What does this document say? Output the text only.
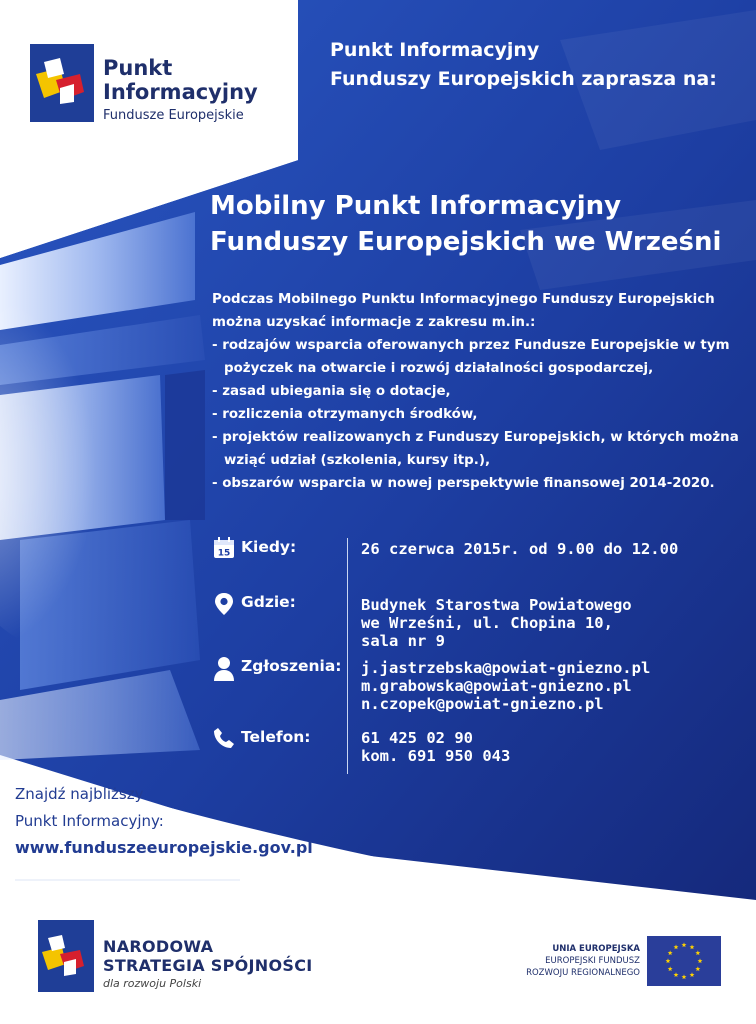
Punkt
Informacyjny
Fundusze Europejskie
Punkt Informacyjny
Funduszy Europejskich zaprasza na:
Mobilny Punkt Informacyjny
Funduszy Europejskich we Wrześni
Podczas Mobilnego Punktu Informacyjnego Funduszy Europejskich
można uzyskać informacje z zakresu m.in.:
- rodzajów wsparcia oferowanych przez Fundusze Europejskie w tym
pożyczek na otwarcie i rozwój działalności gospodarczej,
- zasad ubiegania się o dotacje,
- rozliczenia otrzymanych środków,
- projektów realizowanych z Funduszy Europejskich, w których można
wziąć udział (szkolenia, kursy itp.),
- obszarów wsparcia w nowej perspektywie finansowej 2014-2020.
15 Kiedy:	26 czerwca 2015r. od 9.00 do 12.00
Gdzie:	Budynek Starostwa Powiatowego
we Wrześni, ul. Chopina 10,
sala nr 9
Zgłoszenia: j.jastrzebska@powiat-gniezno.pl
m.grabowska@powiat-gniezno.pl
n.czopek@powiat-gniezno.pl
Telefon:	61 425 02 90
kom. 691 950 043
Znajdź najbliższy
Punkt Informacyjny:
www.funduszeeuropejskie.gov.pl
NARODOWA
STRATEGIA SPÓJNOŚCI
dla rozwoju Polski
UNIA EUROPEJSKA
EUROPEJSKI FUNDUSZ
ROZWOJU REGIONALNEGO
